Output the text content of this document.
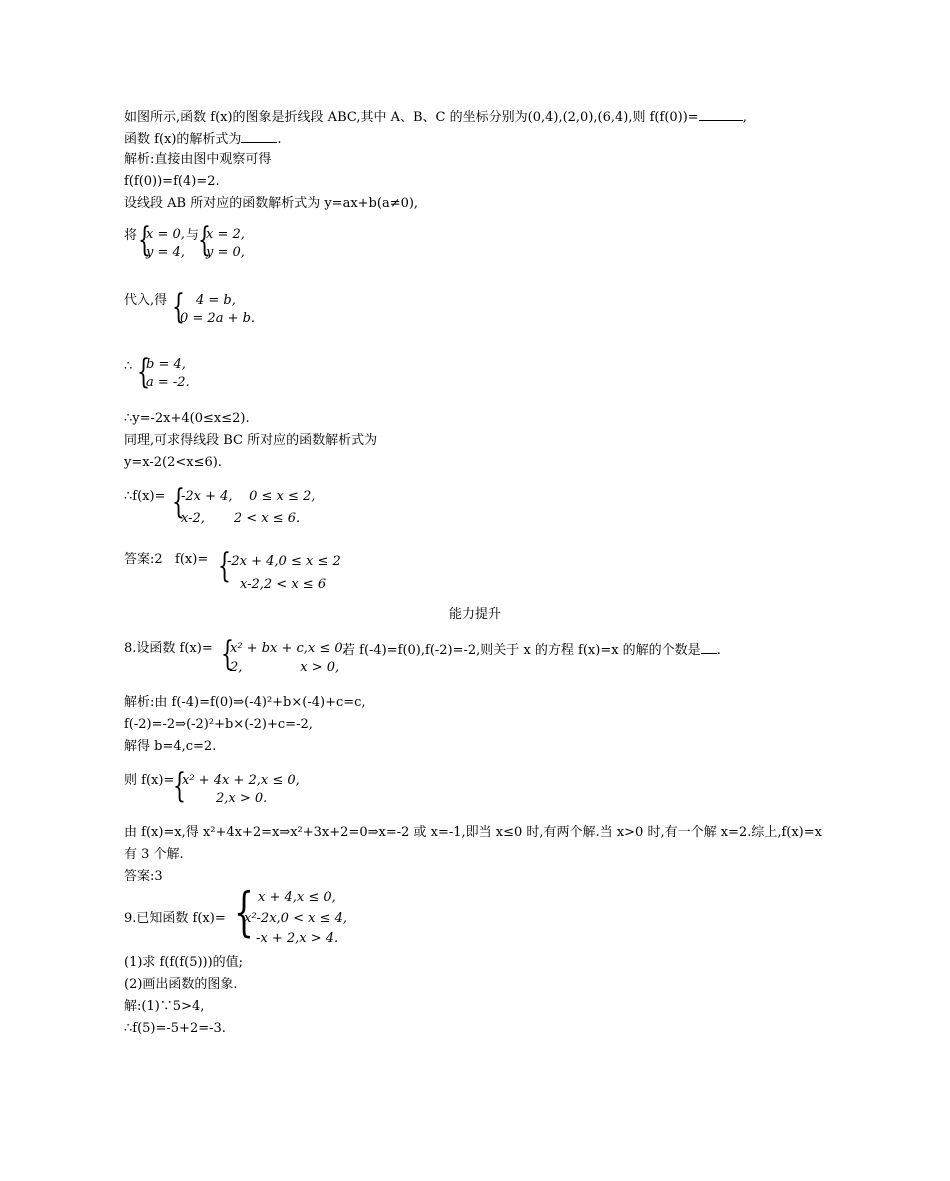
如图所示,函数 f(x)的图象是折线段 ABC,其中 A、B、C 的坐标分别为(0,4),(2,0),(6,4),则 f(f(0))=	,
函数 f(x)的解析式为	.
解析:直接由图中观察可得
f(f(0))=f(4)=2.
设线段 AB 所对应的函数解析式为 y=ax+b(a≠0),
将 {
x = 0,
y = 4,
与
{
x = 2,
y = 0,
代入,得 { 4 = b,
0 = 2a + b.
∴ {
b = 4,
a = -2.
∴y=-2x+4(0≤x≤2).
同理,可求得线段 BC 所对应的函数解析式为
y=x-2(2<x≤6).
∴f(x)= {
-2x + 4,    0 ≤ x ≤ 2,
x-2,       2 < x ≤ 6.
答案:2   f(x)= {
-2x + 4,0 ≤ x ≤ 2
x-2,2 < x ≤ 6
能力提升
8.设函数 f(x)= {
x² + bx + c,x ≤ 0,
2,              x > 0,
若 f(-4)=f(0),f(-2)=-2,则关于 x 的方程 f(x)=x 的解的个数是 .
解析:由 f(-4)=f(0)⇒(-4)²+b×(-4)+c=c,
f(-2)=-2⇒(-2)²+b×(-2)+c=-2,
解得 b=4,c=2.
则 f(x)=
{
x² + 4x + 2,x ≤ 0,
2,x > 0.
由 f(x)=x,得 x²+4x+2=x⇒x²+3x+2=0⇒x=-2 或 x=-1,即当 x≤0 时,有两个解.当 x>0 时,有一个解 x=2.综上,f(x)=x
有 3 个解.
答案:3
9.已知函数 f(x)= { x + 4,x ≤ 0,
x²-2x,0 < x ≤ 4,
-x + 2,x > 4.
(1)求 f(f(f(5)))的值;
(2)画出函数的图象.
解:(1)∵5>4,
∴f(5)=-5+2=-3.
